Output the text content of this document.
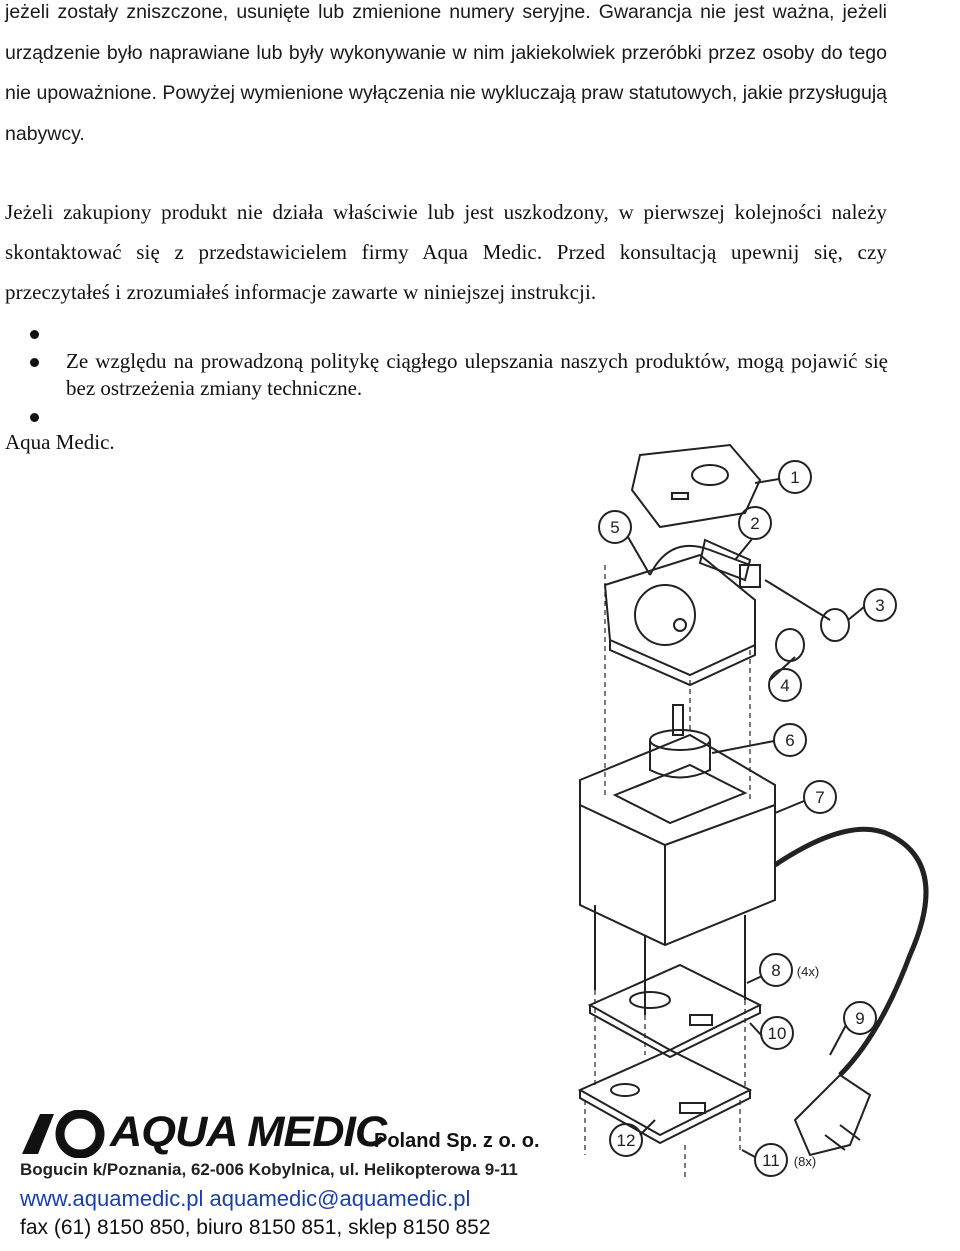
jeżeli zostały zniszczone, usunięte lub zmienione numery seryjne. Gwarancja nie jest ważna, jeżeli urządzenie było naprawiane lub były wykonywanie w nim jakiekolwiek przeróbki przez osoby do tego nie upoważnione. Powyżej wymienione wyłączenia nie wykluczają praw statutowych, jakie przysługują nabywcy.
Jeżeli zakupiony produkt nie działa właściwie lub jest uszkodzony, w pierwszej kolejności należy skontaktować się z przedstawicielem firmy Aqua Medic. Przed konsultacją upewnij się, czy przeczytałeś i zrozumiałeś informacje zawarte w niniejszej instrukcji.
Ze względu na prowadzoną politykę ciągłego ulepszania naszych produktów, mogą pojawić się bez ostrzeżenia zmiany techniczne.
Aqua Medic.
1
2
3
4
5
6
7
8 (4x)
9
10
11 (8x)
12
AQUA MEDIC
Poland Sp. z o. o.
Bogucin k/Poznania, 62-006 Kobylnica, ul. Helikopterowa 9-11
www.aquamedic.pl aquamedic@aquamedic.pl
fax (61) 8150 850, biuro 8150 851, sklep 8150 852
